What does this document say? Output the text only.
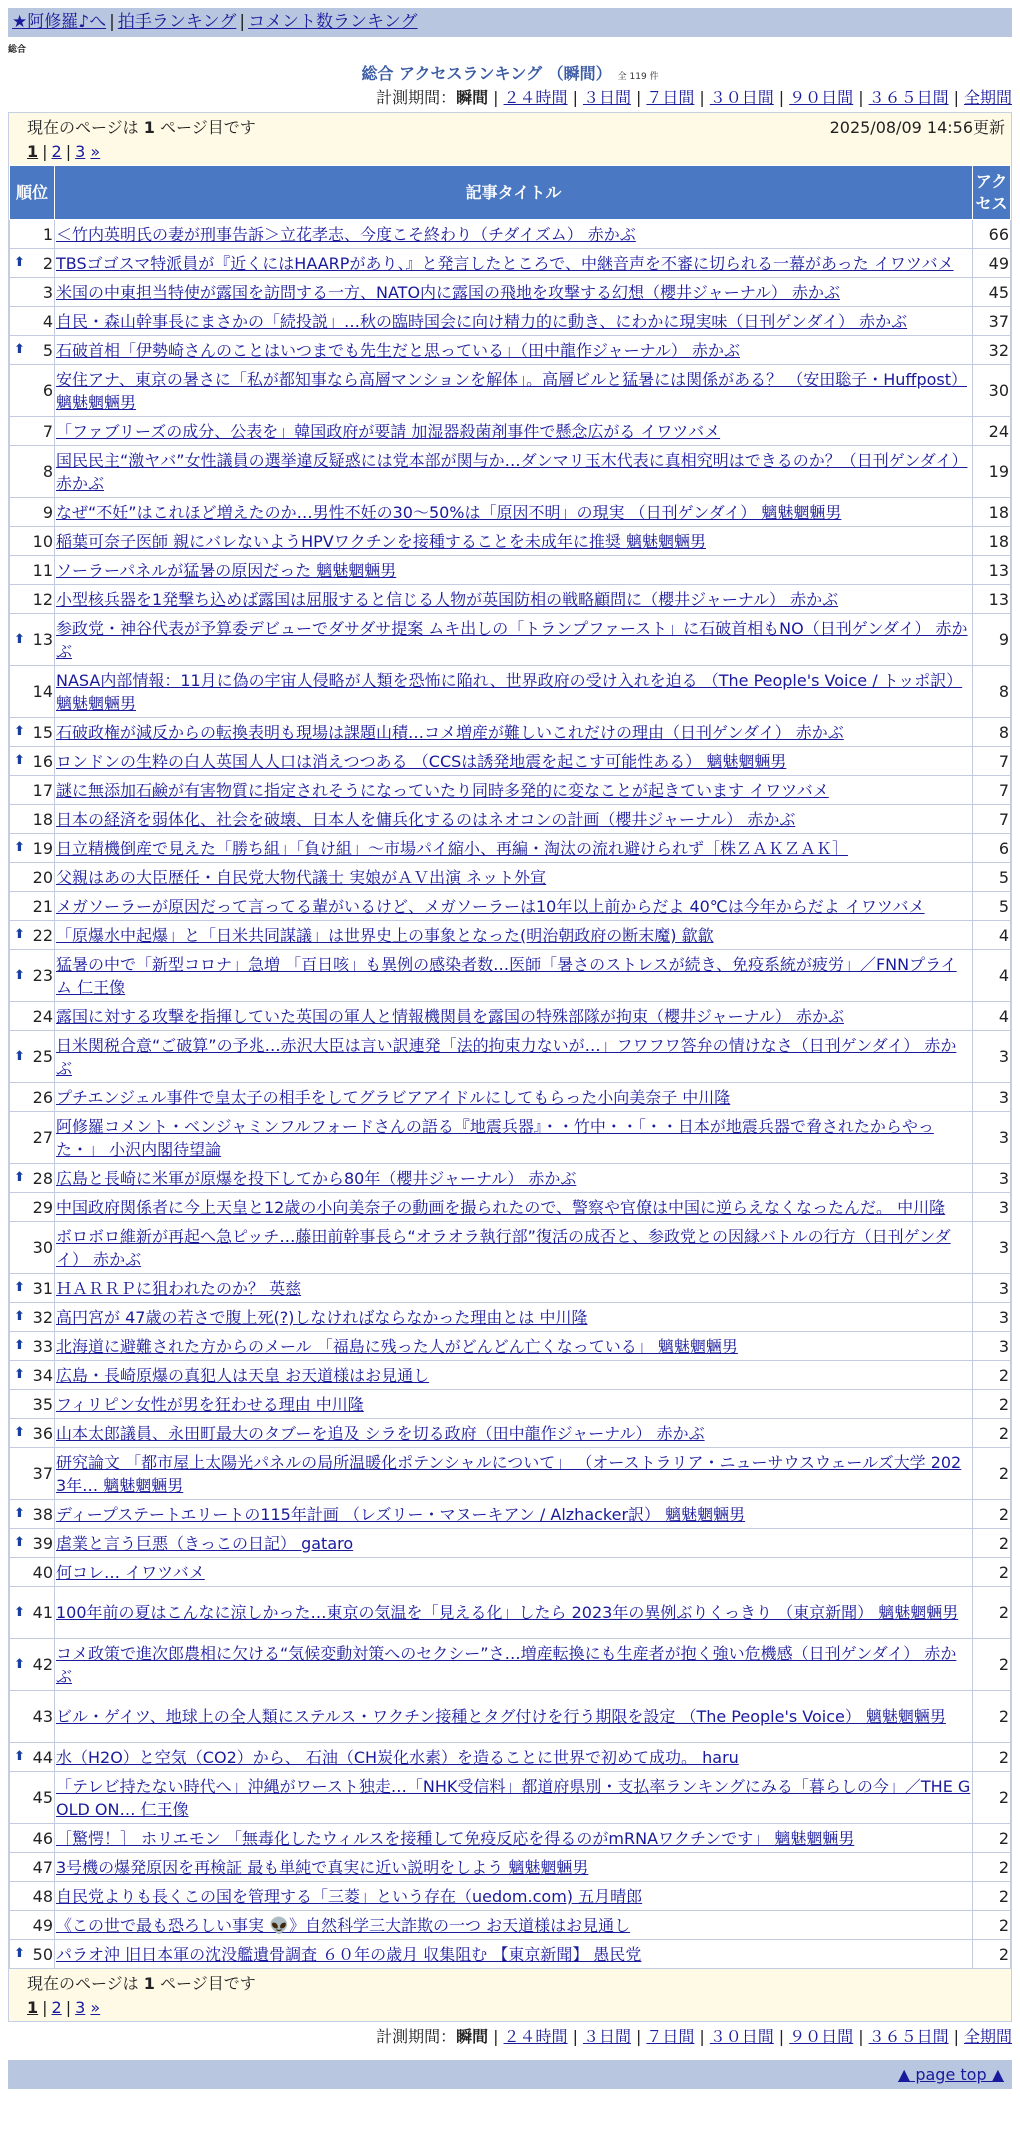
★阿修羅♪へ | 拍手ランキング | コメント数ランキング
総合
総合 アクセスランキング （瞬間） 全 119 件
計測期間：瞬間 | ２４時間 | ３日間 | ７日間 | ３０日間 | ９０日間 | ３６５日間 | 全期間
現在のページは 1 ページ目です	2025/08/09 14:56更新
1 | 2 | 3 »
順位	記事タイトル	アクセス
1	＜竹内英明氏の妻が刑事告訴＞立花孝志、今度こそ終わり（チダイズム） 赤かぶ	66

⬆ 2	TBSゴゴスマ特派員が『近くにはHAARPがあり、』と発言したところで、中継音声を不審に切られる一幕があった イワツバメ	49
3	米国の中東担当特使が露国を訪問する一方、NATO内に露国の飛地を攻撃する幻想（櫻井ジャーナル） 赤かぶ	45
4	自民・森山幹事長にまさかの「続投説」…秋の臨時国会に向け精力的に動き、にわかに現実味（日刊ゲンダイ） 赤かぶ	37

⬆ 5	石破首相「伊勢崎さんのことはいつまでも先生だと思っている」（田中龍作ジャーナル） 赤かぶ	32
6	安住アナ、東京の暑さに「私が都知事なら高層マンションを解体」。高層ビルと猛暑には関係がある？ （安田聡子・Huffpost） 魑魅魍魎男	30
7	「ファブリーズの成分、公表を」韓国政府が要請 加湿器殺菌剤事件で懸念広がる イワツバメ	24
8	国民民主“激ヤバ”女性議員の選挙違反疑惑には党本部が関与か…ダンマリ玉木代表に真相究明はできるのか？（日刊ゲンダイ） 赤かぶ	19
9	なぜ“不妊”はこれほど増えたのか…男性不妊の30～50%は「原因不明」の現実 （日刊ゲンダイ） 魑魅魍魎男	18
10	稲葉可奈子医師 親にバレないようHPVワクチンを接種することを未成年に推奨 魑魅魍魎男	18
11	ソーラーパネルが猛暑の原因だった 魑魅魍魎男	13
12	小型核兵器を1発撃ち込めば露国は屈服すると信じる人物が英国防相の戦略顧問に（櫻井ジャーナル） 赤かぶ	13

⬆ 13	参政党・神谷代表が予算委デビューでダサダサ提案 ムキ出しの「トランプファースト」に石破首相もNO（日刊ゲンダイ） 赤かぶ	9
14	NASA内部情報：11月に偽の宇宙人侵略が人類を恐怖に陥れ、世界政府の受け入れを迫る （The People's Voice / トッポ訳） 魑魅魍魎男	8

⬆ 15	石破政権が減反からの転換表明も現場は課題山積…コメ増産が難しいこれだけの理由（日刊ゲンダイ） 赤かぶ	8

⬆ 16	ロンドンの生粋の白人英国人人口は消えつつある （CCSは誘発地震を起こす可能性ある） 魑魅魍魎男	7
17	謎に無添加石鹸が有害物質に指定されそうになっていたり同時多発的に変なことが起きています イワツバメ	7
18	日本の経済を弱体化、社会を破壊、日本人を傭兵化するのはネオコンの計画（櫻井ジャーナル） 赤かぶ	7

⬆ 19	日立精機倒産で見えた「勝ち組」「負け組」～市場パイ縮小、再編・淘汰の流れ避けられず［株ＺＡＫＺＡＫ］	6
20	父親はあの大臣歴任・自民党大物代議士 実娘がＡＶ出演 ネット外宣	5
21	メガソーラーが原因だって言ってる輩がいるけど、メガソーラーは10年以上前からだよ 40℃は今年からだよ イワツバメ	5

⬆ 22	「原爆水中起爆」と「日米共同謀議」は世界史上の事象となった(明治朝政府の断末魔) 歙歙	4

⬆ 23	猛暑の中で「新型コロナ」急増 「百日咳」も異例の感染者数…医師「暑さのストレスが続き、免疫系統が疲労」／FNNプライム 仁王像	4
24	露国に対する攻撃を指揮していた英国の軍人と情報機関員を露国の特殊部隊が拘束（櫻井ジャーナル） 赤かぶ	4

⬆ 25	日米関税合意“ご破算”の予兆…赤沢大臣は言い訳連発「法的拘束力ないが…」フワフワ答弁の情けなさ（日刊ゲンダイ） 赤かぶ	3
26	プチエンジェル事件で皇太子の相手をしてグラビアアイドルにしてもらった小向美奈子 中川隆	3
27	阿修羅コメント・ベンジャミンフルフォードさんの語る『地震兵器』・・竹中・・「・・日本が地震兵器で脅されたからやった・」 小沢内閣待望論	3

⬆ 28	広島と長崎に米軍が原爆を投下してから80年（櫻井ジャーナル） 赤かぶ	3
29	中国政府関係者に今上天皇と12歳の小向美奈子の動画を撮られたので、警察や官僚は中国に逆らえなくなったんだ。 中川隆	3
30	ボロボロ維新が再起へ急ピッチ…藤田前幹事長ら“オラオラ執行部”復活の成否と、参政党との因縁バトルの行方（日刊ゲンダイ） 赤かぶ	3

⬆ 31	ＨＡＲＲＰに狙われたのか？ 英慈	3

⬆ 32	高円宮が 47歳の若さで腹上死(?)しなければならなかった理由とは 中川隆	3

⬆ 33	北海道に避難された方からのメール 「福島に残った人がどんどん亡くなっている」 魑魅魍魎男	3

⬆ 34	広島・長崎原爆の真犯人は天皇 お天道様はお見通し	2
35	フィリピン女性が男を狂わせる理由 中川隆	2

⬆ 36	山本太郎議員、永田町最大のタブーを追及 シラを切る政府（田中龍作ジャーナル） 赤かぶ	2
37	研究論文 「都市屋上太陽光パネルの局所温暖化ポテンシャルについて」 （オーストラリア・ニューサウスウェールズ大学 2023年… 魑魅魍魎男	2

⬆ 38	ディープステートエリートの115年計画 （レズリー・マヌーキアン / Alzhacker訳） 魑魅魍魎男	2

⬆ 39	虐業と言う巨悪（きっこの日記） gataro	2
40	何コレ… イワツバメ	2

⬆ 41	100年前の夏はこんなに涼しかった…東京の気温を「見える化」したら 2023年の異例ぶりくっきり （東京新聞） 魑魅魍魎男	2

⬆ 42	コメ政策で進次郎農相に欠ける“気候変動対策へのセクシー”さ…増産転換にも生産者が抱く強い危機感（日刊ゲンダイ） 赤かぶ	2
43	ビル・ゲイツ、地球上の全人類にステルス・ワクチン接種とタグ付けを行う期限を設定 （The People's Voice） 魑魅魍魎男	2

⬆ 44	水（H2O）と空気（CO2）から、 石油（CH炭化水素）を造ることに世界で初めて成功。 haru	2
45	「テレビ持たない時代へ」沖縄がワースト独走…「NHK受信料」都道府県別・支払率ランキングにみる「暮らしの今」／THE GOLD ON… 仁王像	2
46	［驚愕！］ ホリエモン 「無毒化したウィルスを接種して免疫反応を得るのがmRNAワクチンです」 魑魅魍魎男	2
47	3号機の爆発原因を再検証 最も単純で真実に近い説明をしよう 魑魅魍魎男	2
48	自民党よりも長くこの国を管理する「三菱」という存在（uedom.com) 五月晴郎	2
49	《この世で最も恐ろしい事実 👽》自然科学三大詐欺の一つ お天道様はお見通し	2

⬆ 50	パラオ沖 旧日本軍の沈没艦遺骨調査 ６０年の歳月 収集阻む 【東京新聞】 愚民党	2
現在のページは 1 ページ目です
1 | 2 | 3 »
計測期間：瞬間 | ２４時間 | ３日間 | ７日間 | ３０日間 | ９０日間 | ３６５日間 | 全期間
▲ page top ▲
